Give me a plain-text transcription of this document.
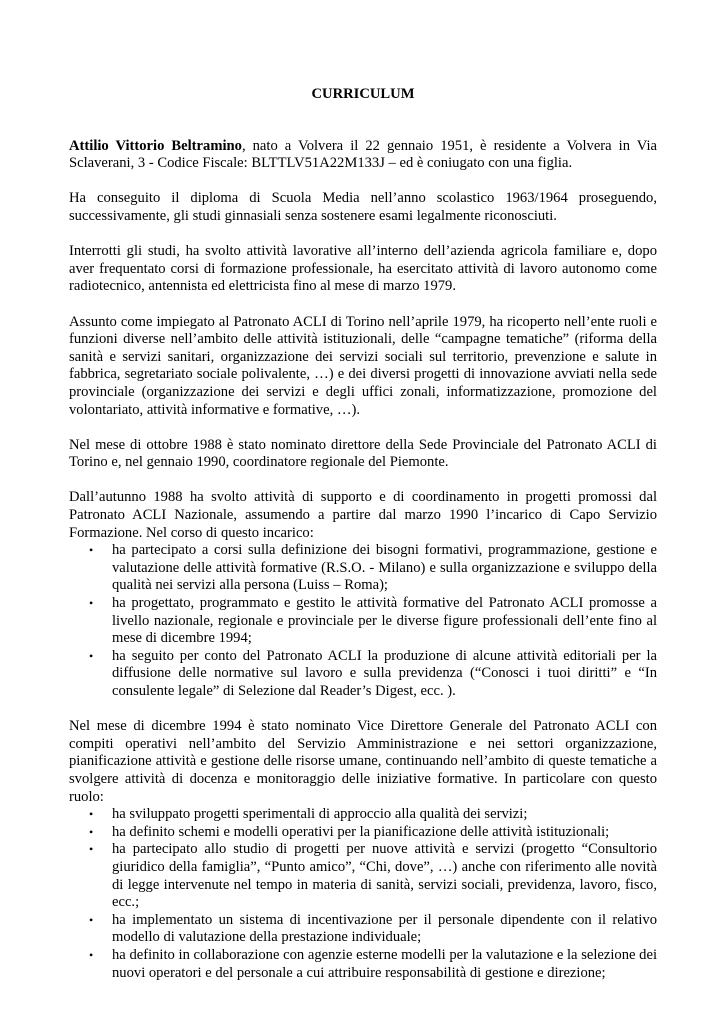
CURRICULUM

Attilio Vittorio Beltramino, nato a Volvera il 22 gennaio 1951, è residente a Volvera in Via Sclaverani, 3 - Codice Fiscale: BLTTLV51A22M133J – ed è coniugato con una figlia.

Ha conseguito il diploma di Scuola Media nell’anno scolastico 1963/1964 proseguendo, successivamente, gli studi ginnasiali senza sostenere esami legalmente riconosciuti.

Interrotti gli studi, ha svolto attività lavorative all’interno dell’azienda agricola familiare e, dopo aver frequentato corsi di formazione professionale, ha esercitato attività di lavoro autonomo come radiotecnico, antennista ed elettricista fino al mese di marzo 1979.

Assunto come impiegato al Patronato ACLI di Torino nell’aprile 1979, ha ricoperto nell’ente ruoli e funzioni diverse nell’ambito delle attività istituzionali, delle “campagne tematiche” (riforma della sanità e servizi sanitari, organizzazione dei servizi sociali sul territorio, prevenzione e salute in fabbrica, segretariato sociale polivalente, …) e dei diversi progetti di innovazione avviati nella sede provinciale (organizzazione dei servizi e degli uffici zonali, informatizzazione, promozione del volontariato, attività informative e formative, …).

Nel mese di ottobre 1988 è stato nominato direttore della Sede Provinciale del Patronato ACLI di Torino e, nel gennaio 1990, coordinatore regionale del Piemonte.

Dall’autunno 1988 ha svolto attività di supporto e di coordinamento in progetti promossi dal Patronato ACLI Nazionale, assumendo a partire dal marzo 1990 l’incarico di Capo Servizio Formazione. Nel corso di questo incarico:

• ha partecipato a corsi sulla definizione dei bisogni formativi, programmazione, gestione e valutazione delle attività formative (R.S.O. - Milano) e sulla organizzazione e sviluppo della qualità nei servizi alla persona (Luiss – Roma);
• ha progettato, programmato e gestito le attività formative del Patronato ACLI promosse a livello nazionale, regionale e provinciale per le diverse figure professionali dell’ente fino al mese di dicembre 1994;
• ha seguito per conto del Patronato ACLI la produzione di alcune attività editoriali per la diffusione delle normative sul lavoro e sulla previdenza (“Conosci i tuoi diritti” e “In consulente legale” di Selezione dal Reader’s Digest, ecc. ).

Nel mese di dicembre 1994 è stato nominato Vice Direttore Generale del Patronato ACLI con compiti operativi nell’ambito del Servizio Amministrazione e nei settori organizzazione, pianificazione attività e gestione delle risorse umane, continuando nell’ambito di queste tematiche a svolgere attività di docenza e monitoraggio delle iniziative formative. In particolare con questo ruolo:

• ha sviluppato progetti sperimentali di approccio alla qualità dei servizi;
• ha definito schemi e modelli operativi per la pianificazione delle attività istituzionali;
• ha partecipato allo studio di progetti per nuove attività e servizi (progetto “Consultorio giuridico della famiglia”, “Punto amico”, “Chi, dove”, …) anche con riferimento alle novità di legge intervenute nel tempo in materia di sanità, servizi sociali, previdenza, lavoro, fisco, ecc.;
• ha implementato un sistema di incentivazione per il personale dipendente con il relativo modello di valutazione della prestazione individuale;
• ha definito in collaborazione con agenzie esterne modelli per la valutazione e la selezione dei nuovi operatori e del personale a cui attribuire responsabilità di gestione e direzione;
